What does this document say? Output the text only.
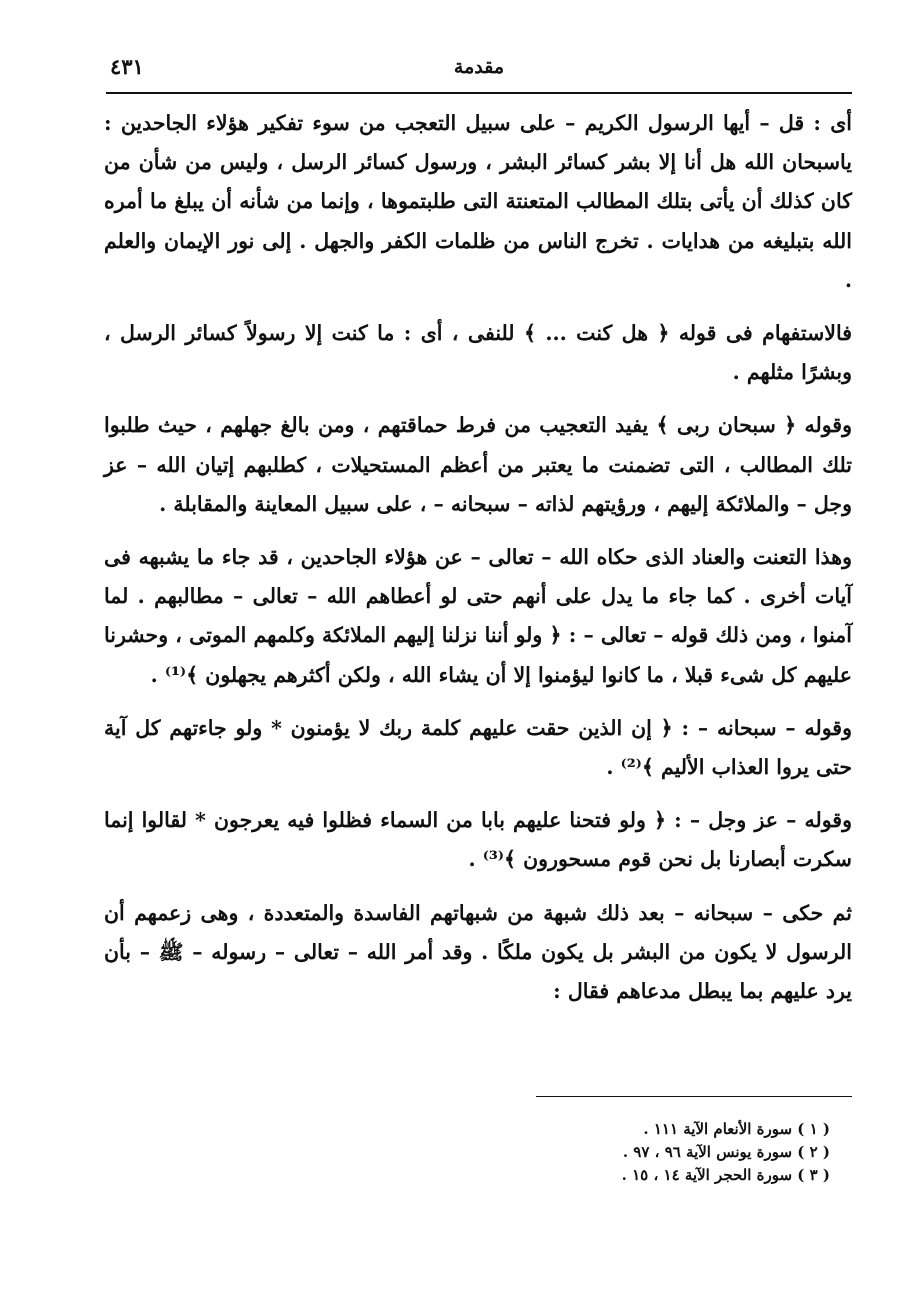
مقدمة
٤٣١

أى : قل – أيها الرسول الكريم – على سبيل التعجب من سوء تفكير هؤلاء الجاحدين : ياسبحان الله هل أنا إلا بشر كسائر البشر ، ورسول كسائر الرسل ، وليس من شأن من كان كذلك أن يأتى بتلك المطالب المتعنتة التى طلبتموها ، وإنما من شأنه أن يبلغ ما أمره الله بتبليغه من هدايات . تخرج الناس من ظلمات الكفر والجهل . إلى نور الإيمان والعلم .

فالاستفهام فى قوله ﴿ هل كنت ... ﴾ للنفى ، أى : ما كنت إلا رسولاً كسائر الرسل ، وبشرًا مثلهم .

وقوله ﴿ سبحان ربى ﴾ يفيد التعجيب من فرط حماقتهم ، ومن بالغ جهلهم ، حيث طلبوا تلك المطالب ، التى تضمنت ما يعتبر من أعظم المستحيلات ، كطلبهم إتيان الله – عز وجل – والملائكة إليهم ، ورؤيتهم لذاته – سبحانه – ، على سبيل المعاينة والمقابلة .

وهذا التعنت والعناد الذى حكاه الله – تعالى – عن هؤلاء الجاحدين ، قد جاء ما يشبهه فى آيات أخرى . كما جاء ما يدل على أنهم حتى لو أعطاهم الله – تعالى – مطالبهم . لما آمنوا ، ومن ذلك قوله – تعالى – : ﴿ ولو أننا نزلنا إليهم الملائكة وكلمهم الموتى ، وحشرنا عليهم كل شىء قبلا ، ما كانوا ليؤمنوا إلا أن يشاء الله ، ولكن أكثرهم يجهلون ﴾⁽¹⁾ .

وقوله – سبحانه – : ﴿ إن الذين حقت عليهم كلمة ربك لا يؤمنون * ولو جاءتهم كل آية حتى يروا العذاب الأليم ﴾⁽²⁾ .

وقوله – عز وجل – : ﴿ ولو فتحنا عليهم بابا من السماء فظلوا فيه يعرجون * لقالوا إنما سكرت أبصارنا بل نحن قوم مسحورون ﴾⁽³⁾ .

ثم حكى – سبحانه – بعد ذلك شبهة من شبهاتهم الفاسدة والمتعددة ، وهى زعمهم أن الرسول لا يكون من البشر بل يكون ملكًا . وقد أمر الله – تعالى – رسوله – ﷺ – بأن يرد عليهم بما يبطل مدعاهم فقال :

( ١ ) سورة الأنعام الآية ١١١ .
( ٢ ) سورة يونس الآية ٩٦ ، ٩٧ .
( ٣ ) سورة الحجر الآية ١٤ ، ١٥ .
